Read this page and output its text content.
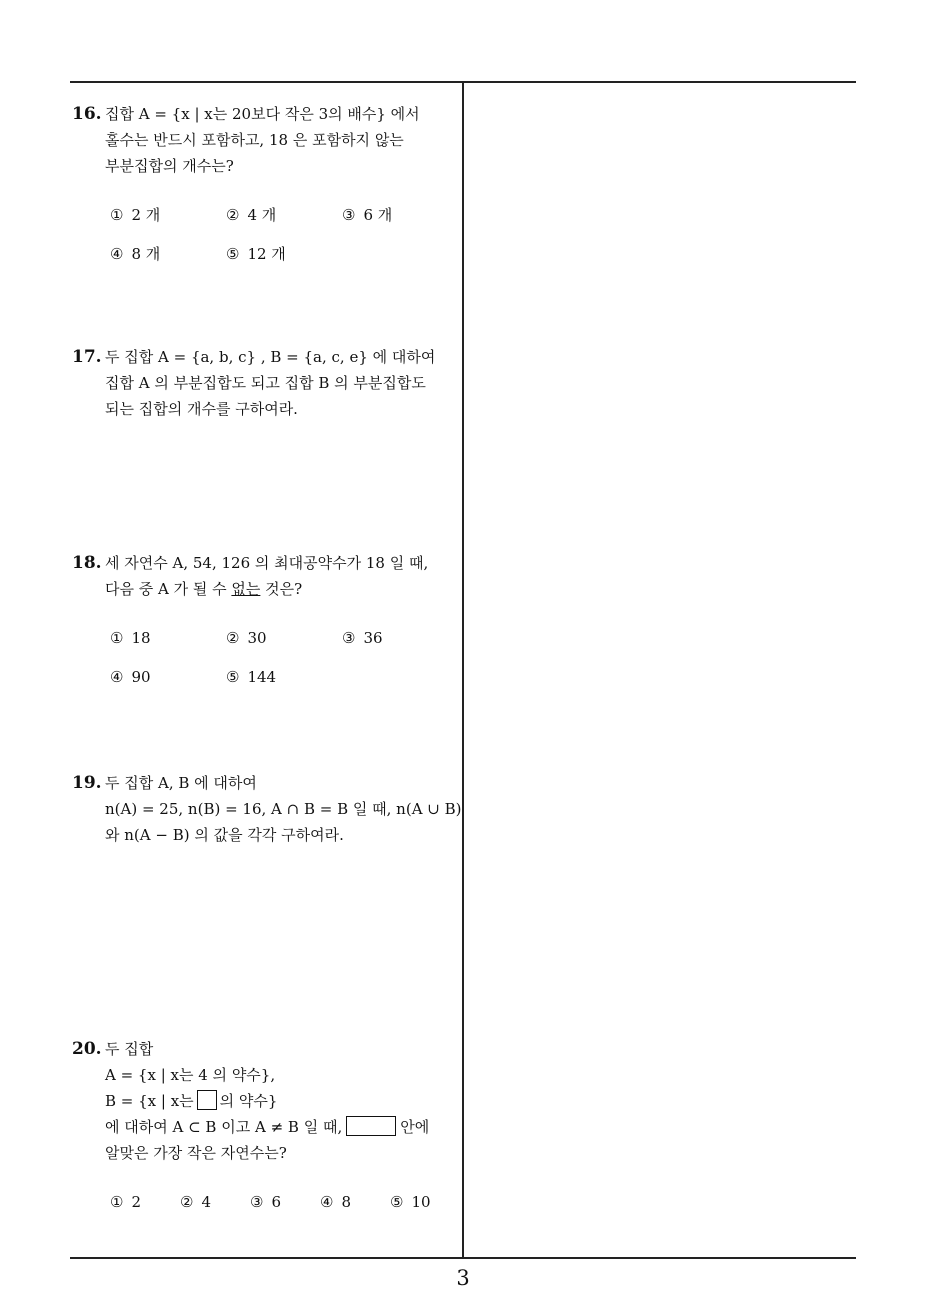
16. 집합 A = {x | x는 20보다 작은 3의 배수} 에서
홀수는 반드시 포함하고, 18 은 포함하지 않는
부분집합의 개수는?
① 2 개	② 4 개	③ 6 개
④ 8 개	⑤ 12 개
17. 두 집합 A = {a, b, c} , B = {a, c, e} 에 대하여
집합 A 의 부분집합도 되고 집합 B 의 부분집합도
되는 집합의 개수를 구하여라.
18. 세 자연수 A, 54, 126 의 최대공약수가 18 일 때,
다음 중 A 가 될 수 없는 것은?
① 18	② 30	③ 36
④ 90	⑤ 144
19. 두 집합 A, B 에 대하여
n(A) = 25, n(B) = 16, A ∩ B = B 일 때, n(A ∪ B)
와 n(A − B) 의 값을 각각 구하여라.
20. 두 집합
A = {x | x는 4 의 약수},
B = {x | x는 의 약수}
에 대하여 A ⊂ B 이고 A ≠ B 일 때,	안에
알맞은 가장 작은 자연수는?
① 2	② 4	③ 6	④ 8	⑤ 10
3
